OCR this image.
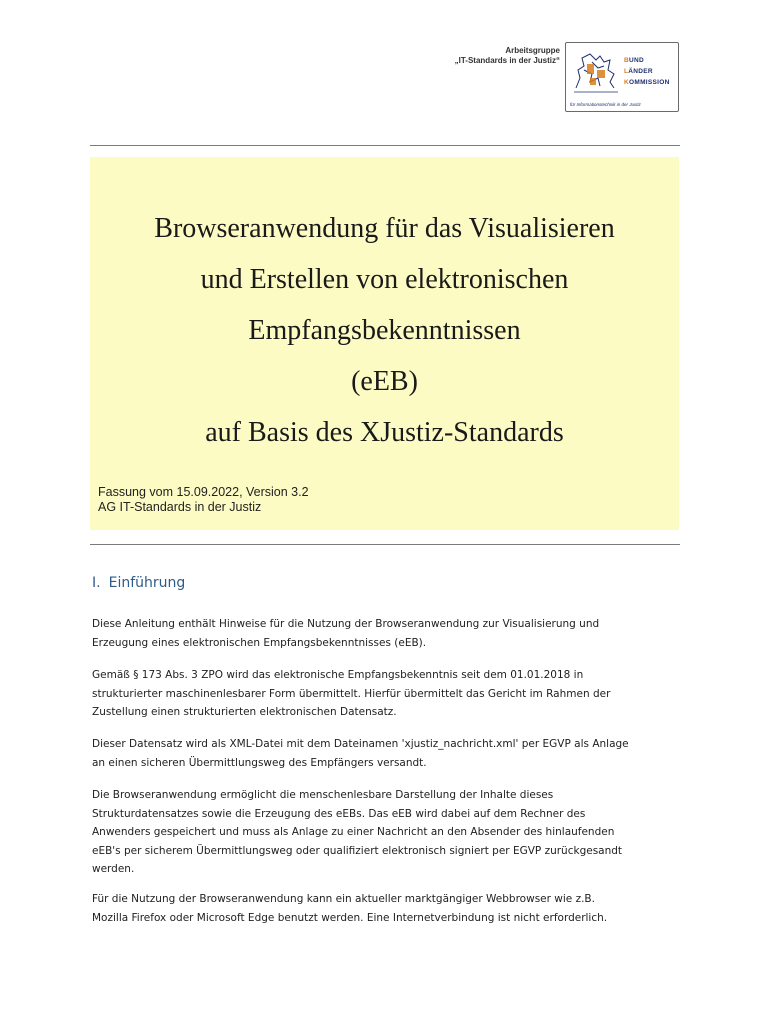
Arbeitsgruppe
„IT-Standards in der Justiz“	BUND
LÄNDER
KOMMISSION
für Informationstechnik in der Justiz
Browseranwendung für das Visualisieren
und Erstellen von elektronischen
Empfangsbekenntnissen
(eEB)
auf Basis des XJustiz-Standards
Fassung vom 15.09.2022, Version 3.2
AG IT-Standards in der Justiz
I. Einführung

Diese Anleitung enthält Hinweise für die Nutzung der Browseranwendung zur Visualisierung und

Erzeugung eines elektronischen Empfangsbekenntnisses (eEB).

Gemäß § 173 Abs. 3 ZPO wird das elektronische Empfangsbekenntnis seit dem 01.01.2018 in

strukturierter maschinenlesbarer Form übermittelt. Hierfür übermittelt das Gericht im Rahmen der

Zustellung einen strukturierten elektronischen Datensatz.

Dieser Datensatz wird als XML-Datei mit dem Dateinamen 'xjustiz_nachricht.xml' per EGVP als Anlage

an einen sicheren Übermittlungsweg des Empfängers versandt.

Die Browseranwendung ermöglicht die menschenlesbare Darstellung der Inhalte dieses

Strukturdatensatzes sowie die Erzeugung des eEBs. Das eEB wird dabei auf dem Rechner des

Anwenders gespeichert und muss als Anlage zu einer Nachricht an den Absender des hinlaufenden

eEB's per sicherem Übermittlungsweg oder qualifiziert elektronisch signiert per EGVP zurückgesandt

werden.

Für die Nutzung der Browseranwendung kann ein aktueller marktgängiger Webbrowser wie z.B.

Mozilla Firefox oder Microsoft Edge benutzt werden. Eine Internetverbindung ist nicht erforderlich.
